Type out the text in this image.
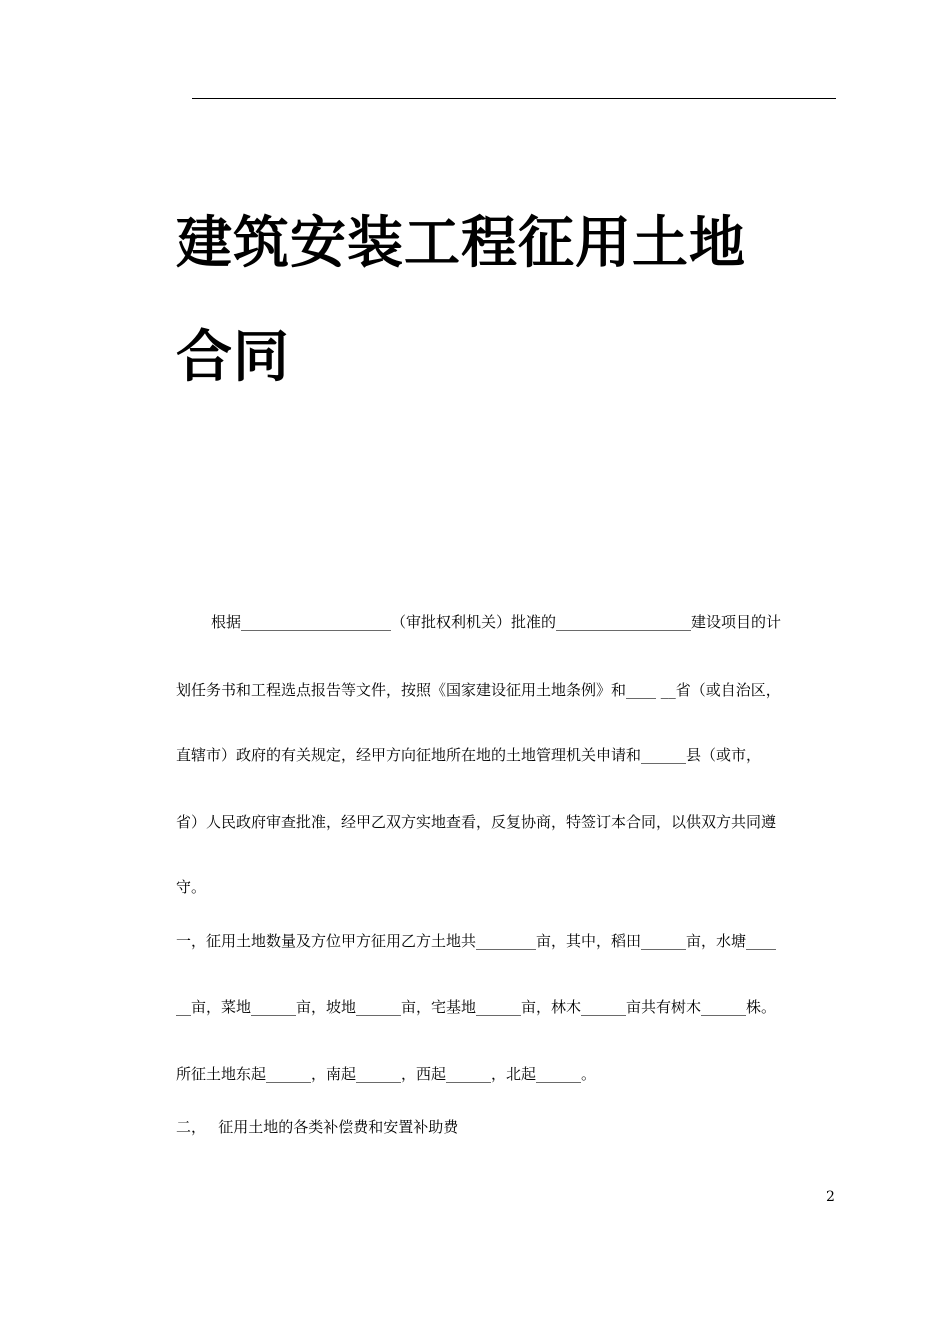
建筑安装工程征用土地
合同
根据____________________（审批权利机关）批准的__________________建设项目的计
划任务书和工程选点报告等文件，按照《国家建设征用土地条例》和____ __省（或自治区，
直辖市）政府的有关规定，经甲方向征地所在地的土地管理机关申请和______县（或市，
省）人民政府审查批准，经甲乙双方实地查看，反复协商，特签订本合同，以供双方共同遵
守。
一，征用土地数量及方位甲方征用乙方土地共________亩，其中，稻田______亩，水塘____
__亩，菜地______亩，坡地______亩，宅基地______亩，林木______亩共有树木______株。
所征土地东起______，南起______，西起______，北起______。
二，　 征用土地的各类补偿费和安置补助费
2
